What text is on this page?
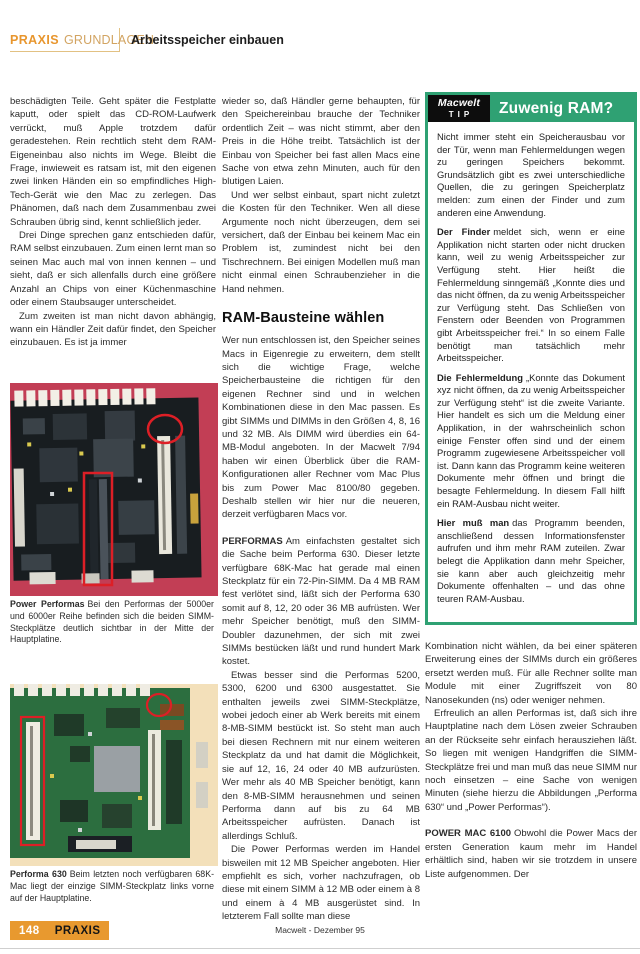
PRAXIS GRUNDLAGEN
Arbeitsspeicher einbauen

beschädigten Teile. Geht später die Festplatte kaputt, oder spielt das CD-ROM-Laufwerk verrückt, muß Apple trotzdem dafür geradestehen. Rein rechtlich steht dem RAM-Eigeneinbau also nichts im Wege. Bleibt die Frage, inwieweit es ratsam ist, mit den eigenen zwei linken Händen ein so empfindliches High-Tech-Gerät wie den Mac zu zerlegen. Das Phänomen, daß nach dem Zusammenbau zwei Schrauben übrig sind, kennt schließlich jeder.

Drei Dinge sprechen ganz entschieden dafür, RAM selbst einzubauen. Zum einen lernt man so seinen Mac auch mal von innen kennen – und sieht, daß er sich allenfalls durch eine größere Anzahl an Chips von einer Küchenmaschine oder einem Staubsauger unterscheidet.

Zum zweiten ist man nicht davon abhängig, wann ein Händler Zeit dafür findet, den Speicher einzubauen. Es ist ja immer

Power Performas Bei den Performas der 5000er und 6000er Reihe befinden sich die beiden SIMM-Steckplätze deutlich sichtbar in der Mitte der Hauptplatine.
Performa 630 Beim letzten noch verfügbaren 68K-Mac liegt der einzige SIMM-Steckplatz links vorne auf der Hauptplatine.

wieder so, daß Händler gerne behaupten, für den Speichereinbau brauche der Techniker ordentlich Zeit – was nicht stimmt, aber den Preis in die Höhe treibt. Tatsächlich ist der Einbau von Speicher bei fast allen Macs eine Sache von etwa zehn Minuten, auch für den blutigen Laien.

Und wer selbst einbaut, spart nicht zuletzt die Kosten für den Techniker. Wen all diese Argumente noch nicht überzeugen, dem sei versichert, daß der Einbau bei keinem Mac ein Problem ist, zumindest nicht bei den Tischrechnern. Bei einigen Modellen muß man nicht einmal einen Schraubenzieher in die Hand nehmen.

RAM-Bausteine wählen

Wer nun entschlossen ist, den Speicher seines Macs in Eigenregie zu erweitern, dem stellt sich die wichtige Frage, welche Speicherbausteine die richtigen für den eigenen Rechner sind und in welchen Kombinationen diese in den Mac passen. Es gibt SIMMs und DIMMs in den Größen 4, 8, 16 und 32 MB. Als DIMM wird überdies ein 64-MB-Modul angeboten. In der Macwelt 7/94 haben wir einen Überblick über die RAM-Konfigurationen aller Rechner vom Mac Plus bis zum Power Mac 8100/80 gegeben. Deshalb stellen wir hier nur die neueren, derzeit verfügbaren Macs vor.

PERFORMAS Am einfachsten gestaltet sich die Sache beim Performa 630. Dieser letzte verfügbare 68K-Mac hat gerade mal einen Steckplatz für ein 72-Pin-SIMM. Da 4 MB RAM fest verlötet sind, läßt sich der Performa 630 somit auf 8, 12, 20 oder 36 MB aufrüsten. Wer mehr Speicher benötigt, muß den SIMM-Doubler dazunehmen, der sich mit zwei SIMMs bestücken läßt und rund hundert Mark kostet.

Etwas besser sind die Performas 5200, 5300, 6200 und 6300 ausgestattet. Sie enthalten jeweils zwei SIMM-Steckplätze, wobei jedoch einer ab Werk bereits mit einem 8-MB-SIMM bestückt ist. So steht man auch bei diesen Rechnern mit nur einem weiteren Steckplatz da und hat damit die Möglichkeit, sie auf 12, 16, 24 oder 40 MB aufzurüsten. Wer mehr als 40 MB Speicher benötigt, kann den 8-MB-SIMM herausnehmen und seinen Performa dann auf bis zu 64 MB Arbeitsspeicher aufrüsten. Danach ist allerdings Schluß.

Die Power Performas werden im Handel bisweilen mit 12 MB Speicher angeboten. Hier empfiehlt es sich, vorher nachzufragen, ob diese mit einem SIMM à 12 MB oder einem à 8 und einem à 4 MB ausgerüstet sind. In letzterem Fall sollte man diese

Macwelt
TIP	Zuwenig RAM?

Nicht immer steht ein Speicherausbau vor der Tür, wenn man Fehlermeldungen wegen zu geringen Speichers bekommt. Grundsätzlich gibt es zwei unterschiedliche Quellen, die zu geringen Speicherplatz melden: zum einen der Finder und zum anderen eine Anwendung.

Der Finder meldet sich, wenn er eine Applikation nicht starten oder nicht drucken kann, weil zu wenig Arbeitsspeicher zur Verfügung steht. Hier heißt die Fehlermeldung sinngemäß „Konnte dies und das nicht öffnen, da zu wenig Arbeitsspeicher zur Verfügung steht. Das Schließen von Fenstern oder Beenden von Programmen gibt Arbeitsspeicher frei.“ In so einem Falle benötigt man tatsächlich mehr Arbeitsspeicher.

Die Fehlermeldung „Konnte das Dokument xyz nicht öffnen, da zu wenig Arbeitsspeicher zur Verfügung steht“ ist die zweite Variante. Hier handelt es sich um die Meldung einer Applikation, in der wahrscheinlich schon einige Fenster offen sind und der einem Programm zugewiesene Arbeitsspeicher voll ist. Dann kann das Programm keine weiteren Dokumente mehr öffnen und bringt die besagte Fehlermeldung. In diesem Fall hilft ein RAM-Ausbau nicht weiter.

Hier muß man das Programm beenden, anschließend dessen Informationsfenster aufrufen und ihm mehr RAM zuteilen. Zwar belegt die Applikation dann mehr Speicher, sie kann aber auch gleichzeitig mehr Dokumente offenhalten – und das ohne teuren RAM-Ausbau.

Kombination nicht wählen, da bei einer späteren Erweiterung eines der SIMMs durch ein größeres ersetzt werden muß. Für alle Rechner sollte man Module mit einer Zugriffszeit von 80 Nanosekunden (ns) oder weniger nehmen.

Erfreulich an allen Performas ist, daß sich ihre Hauptplatine nach dem Lösen zweier Schrauben an der Rückseite sehr einfach herausziehen läßt. So liegen mit wenigen Handgriffen die SIMM-Steckplätze frei und man muß das neue SIMM nur noch einsetzen – eine Sache von wenigen Minuten (siehe hierzu die Abbildungen „Performa 630“ und „Power Performas“).

POWER MAC 6100 Obwohl die Power Macs der ersten Generation kaum mehr im Handel erhältlich sind, haben wir sie trotzdem in unsere Liste aufgenommen. Der

148 PRAXIS	Macwelt - Dezember 95
